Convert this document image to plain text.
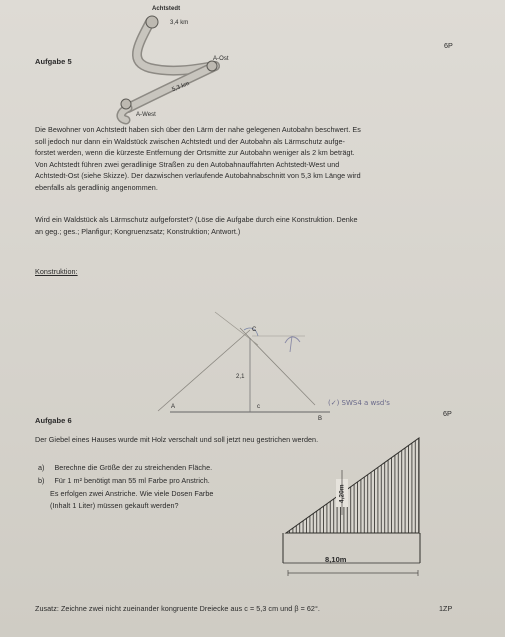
Achtstedt
3,4 km
A-Ost
5,3 km
A-West
Aufgabe 5
6P
Die Bewohner von Achtstedt haben sich über den Lärm der nahe gelegenen Autobahn beschwert. Es
soll jedoch nur dann ein Waldstück zwischen Achtstedt und der Autobahn als Lärmschutz aufge-
forstet werden, wenn die kürzeste Entfernung der Ortsmitte zur Autobahn weniger als 2 km beträgt.
Von Achtstedt führen zwei geradlinige Straßen zu den Autobahnauffahrten Achtstedt-West und
Achtstedt-Ost (siehe Skizze). Der dazwischen verlaufende Autobahnabschnitt von 5,3 km Länge wird
ebenfalls als geradlinig angenommen.
Wird ein Waldstück als Lärmschutz aufgeforstet? (Löse die Aufgabe durch eine Konstruktion. Denke
an geg.; ges.; Planfigur; Kongruenzsatz; Konstruktion; Antwort.)
Konstruktion:
C
2,1
A	c
B
(✓) SWS4 a wsd's
Aufgabe 6
6P
Der Giebel eines Hauses wurde mit Holz verschalt und soll jetzt neu gestrichen werden.
a) Berechne die Größe der zu streichenden Fläche.
b) Für 1 m² benötigt man 55 ml Farbe pro Anstrich.
Es erfolgen zwei Anstriche. Wie viele Dosen Farbe
(Inhalt 1 Liter) müssen gekauft werden?
4,20m
8,10m
Zusatz: Zeichne zwei nicht zueinander kongruente Dreiecke aus c = 5,3 cm und β = 62°.	1ZP
